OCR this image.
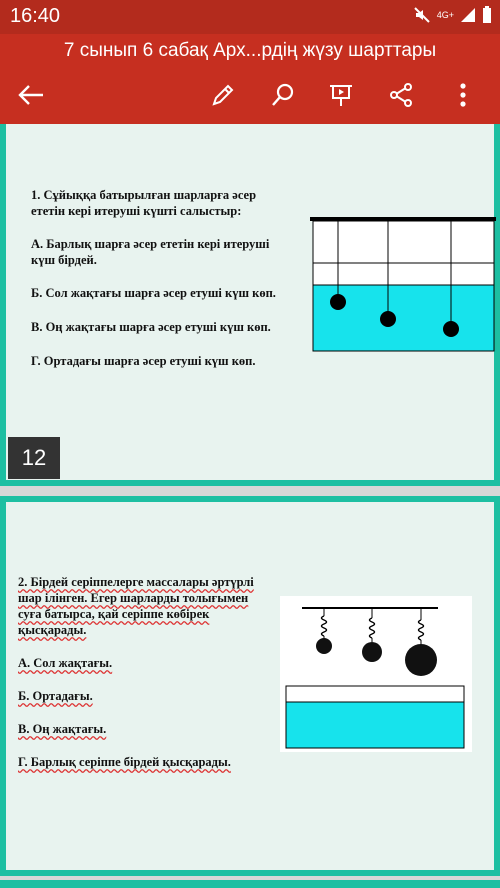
16:40	4G+
7 сынып 6 сабақ Арх...рдің жүзу шарттары
1. Сұйыққа батырылған шарларға әсер
ететін кері итеруші күшті салыстыр:
А. Барлық шарға әсер ететін кері итеруші
күш бірдей.
Б. Сол жақтағы шарға әсер етуші күш көп.
В. Оң жақтағы шарға әсер етуші күш көп.
Г. Ортадағы шарға әсер етуші күш көп.
12
2. Бірдей серіппелерге массалары әртүрлі
шар ілінген. Егер шарларды толығымен
суға батырса, қай серіппе көбірек
қысқарады.
А. Сол жақтағы.
Б. Ортадағы.
В. Оң жақтағы.
Г. Барлық серіппе бірдей қысқарады.
